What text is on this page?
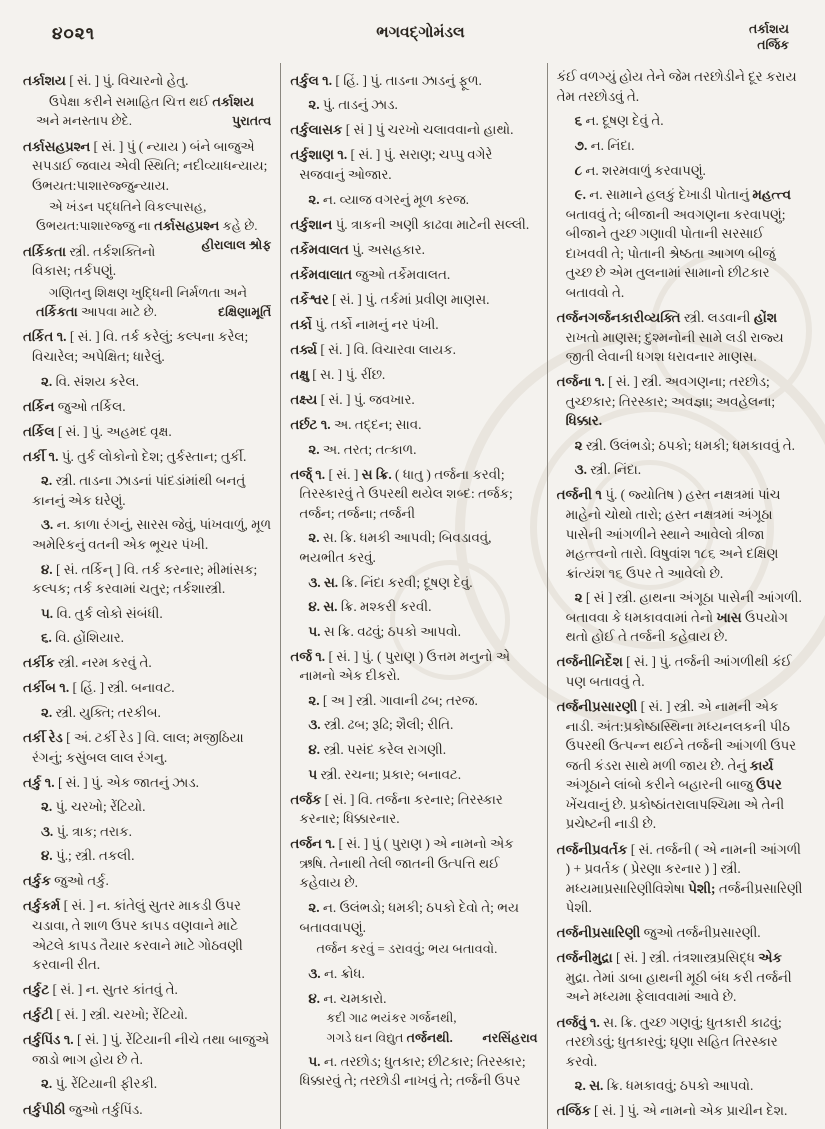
૪૦૨૧	ભગવદ્ગોમંડલ	તર્કાશય
તર્જિક
તર્કાશય [ સં. ] પું. વિચારનો હેતુ.
ઉપેક્ષા કરીને સમાહિત ચિત્ત થઈ તર્કાશય અને મનસ્તાપ છેદે.	પુરાતત્વ
તર્કાસહપ્રશ્ન [ સં. ] પું ( ન્યાય ) બંને બાજુએ સપડાઈ જવાય એવી સ્થિતિ; નદીવ્યાધન્યાય; ઉભયત:પાશારજ્જુન્યાય.
એ ખંડન પદ્ધતિને વિકલ્પાસહ, ઉભયત:પાશારજ્જુ ના તર્કાસહપ્રશ્ન કહે છે.
હીરાલાલ શ્રોફ
તર્કિકતા સ્ત્રી. તર્કશક્તિનો વિકાસ; તર્કપણું.
ગણિતનુ શિક્ષણ ખુદ્ધિની નિર્મળતા અને તર્કિકતા આપવા માટે છે.	દક્ષિણામૂર્તિ
તર્કિત ૧. [ સં. ] વિ. તર્ક કરેલું; કલ્પના કરેલ; વિચારેલ; અપેક્ષિત; ધારેલું.
૨. વિ. સંશય કરેલ.
તર્કિન જુઓ તર્કિલ.
તર્કિલ [ સં. ] પું. અહમદ વૃક્ષ.
તર્કી ૧. પું. તુર્ક લોકોનો દેશ; તુર્કસ્તાન; તુર્કી.
૨. સ્ત્રી. તાડના ઝાડનાં પાંદડાંમાંથી બનતું કાનનું એક ઘરેણું.
૩. ન. કાળા રંગનું, સારસ જેવું, પાંખવાળું, મૂળ અમેરિકનું વતની એક ભૂચર પંખી.
૪. [ સં. તર્કિન્ ] વિ. તર્ક કરનાર; મીમાંસક; કલ્પક; તર્ક કરવામાં ચતુર; તર્કશાસ્ત્રી.
૫. વિ. તુર્ક લોકો સંબંધી.
૬. વિ. હોંશિયાર.
તર્કીક સ્ત્રી. નરમ કરવું તે.
તર્કીબ ૧. [ હિં. ] સ્ત્રી. બનાવટ.
૨. સ્ત્રી. યુક્તિ; તરકીબ.
તર્કી રેડ [ અં. ટર્કી રેડ ] વિ. લાલ; મજીઠિયા રંગનું; કસુંબલ લાલ રંગનુ.
તર્કુ ૧. [ સં. ] પું. એક જાતનું ઝાડ.
૨. પું. ચરખો; રેંટિયો.
૩. પું. ત્રાક; તરાક.
૪. પું.; સ્ત્રી. તકલી.
તર્કુક જુઓ તર્કુ.
તર્કુકર્મ [ સં. ] ન. કાંતેલું સુતર માકડી ઉપર ચડાવા, તે શાળ ઉપર કાપડ વણવાને માટે એટલે કાપડ તૈયાર કરવાને માટે ગોઠવણી કરવાની રીત.
તર્કુટ [ સં. ] ન. સુતર કાંતવું તે.
તર્કુટી [ સં. ] સ્ત્રી. ચરખો; રેંટિયો.
તર્કુપિંડ ૧. [ સં. ] પું. રેંટિયાની નીચે તથા બાજુએ જાડો ભાગ હોય છે તે.
૨. પું. રેંટિયાની ફીરકી.
તર્કુપીઠી જુઓ તર્કુપિંડ.
તર્કુલ ૧. [ હિં. ] પું. તાડના ઝાડનું ફૂળ.
૨. પું. તાડનું ઝાડ.
તર્કુલાસક [ સં ] પું ચરખો ચલાવવાનો હાથો.
તર્કુશાણ ૧. [ સં. ] પું. સરાણ; ચપ્પુ વગેરે સજવાનું ઓજાર.
૨. ન. વ્યાજ વગરનું મૂળ કરજ.
તર્કુશાન પું. ત્રાકની અણી કાઢવા માટેની સલ્લી.
તર્કેમવાલત પું. અસહકાર.
તર્કેમવાલાત જુઓ તર્કેમવાલત.
તર્કેશ્વર [ સં. ] પું. તર્કમાં પ્રવીણ માણસ.
તર્કો પું. તર્કો નામનું નર પંખી.
તર્ક્ય [ સં. ] વિ. વિચારવા લાયક.
તક્ષુ [ સ. ] પું. રીંછ.
તક્ષ્ય [ સં. ] પું. જવખાર.
તર્છટ ૧. અ. તદ્દન; સાવ.
૨. અ. તરત; તત્કાળ.
તર્જ્ ૧. [ સં. ] સ ક્રિ. ( ધાતુ ) તર્જના કરવી; તિરસ્કારવું તે ઉપરથી થયેલ શબ્દ: તર્જક; તર્જન; તર્જના; તર્જની
૨. સ. ક્રિ. ધમકી આપવી; બિવડાવવું, ભયભીત કરવું.
૩. સ. ક્રિ. નિંદા કરવી; દૂષણ દેવું.
૪. સ. ક્રિ. મશ્કરી કરવી.
૫. સ ક્રિ. વઢવું; ઠપકો આપવો.
તર્જ ૧. [ સં. ] પું. ( પુરાણ ) ઉત્તમ મનુનો એ નામનો એક દીકરો.
૨. [ અ ] સ્ત્રી. ગાવાની ઢબ; તરજ.
૩. સ્ત્રી. ઢબ; રૂઢિ; શૈલી; રીતિ.
૪. સ્ત્રી. પસંદ કરેલ રાગણી.
૫ સ્ત્રી. રચના; પ્રકાર; બનાવટ.
તર્જક [ સં. ] વિ. તર્જના કરનાર; તિરસ્કાર કરનાર; ધિક્કારનાર.
તર્જન ૧. [ સં. ] પું ( પુરાણ ) એ નામનો એક ઋષિ. તેનાથી તેલી જાતની ઉત્પત્તિ થઈ કહેવાય છે.
૨. ન. ઉલંભડો; ધમકી; ઠપકો દેવો તે; ભય બતાવવાપણું.
તર્જન કરવું = ડરાવવું; ભય બતાવવો.
૩. ન. ક્રોધ.
૪. ન. ચમકારો.
કદી ગાઢ ભયંકર ગર્જનથી,
ગગડે ઘન વિદ્યુત તર્જનથી. નરસિંહરાવ
૫. ન. તરછોડ; ધુતકાર; છીટકાર; તિરસ્કાર; ધિક્કારવું તે; તરછોડી નાખવું તે; તર્જની ઉપર
કંઈ વળગ્યું હોય તેને જેમ તરછોડીને દૂર કરાય તેમ તરછોડવું તે.
૬ ન. દૂષણ દેવું તે.
૭. ન. નિંદા.
૮ ન. શરમવાળું કરવાપણું.
૯. ન. સામાને હલકું દેખાડી પોતાનું મહત્ત્વ બતાવવું તે; બીજાની અવગણના કરવાપણું; બીજાને તુચ્છ ગણાવી પોતાની સરસાઈ દાખવવી તે; પોતાની શ્રેષ્ઠતા આગળ બીજું તુચ્છ છે એમ તુલનામાં સામાનો છીટકાર બતાવવો તે.
તર્જનગર્જનકારીવ્યક્તિ સ્ત્રી. લડવાની હોંશ રાખતો માણસ; દુશ્મનોની સામે લડી રાજ્ય જીતી લેવાની ધગશ ધરાવનાર માણસ.
તર્જના ૧. [ સં. ] સ્ત્રી. અવગણના; તરછોડ; તુચ્છકાર; તિરસ્કાર; અવજ્ઞા; અવહેલના; ધિક્કાર.
૨ સ્ત્રી. ઉલંભડો; ઠપકો; ધમકી; ધમકાવવું તે.
૩. સ્ત્રી. નિંદા.
તર્જની ૧ પું. ( જ્યોતિષ ) હસ્ત નક્ષત્રમાં પાંચ માહેનો ચોથો તારો; હસ્ત નક્ષત્રમાં અંગૂઠા પાસેની આંગળીને સ્થાને આવેલો ત્રીજા મહત્ત્વનો તારો. વિષુવાંશ ૧૮૬ અને દક્ષિણ ક્રાંત્યંશ ૧૬ ઉપર તે આવેલો છે.
૨ [ સં ] સ્ત્રી. હાથના અંગૂઠા પાસેની આંગળી. બતાવવા કે ધમકાવવામાં તેનો ખાસ ઉપયોગ થતો હોઈ તે તર્જની કહેવાય છે.
તર્જનીનિર્દેશ [ સં. ] પું. તર્જની આંગળીથી કંઈ પણ બતાવવું તે.
તર્જનીપ્રસારણી [ સં. ] સ્ત્રી. એ નામની એક નાડી. અંત:પ્રકોષ્ઠાસ્થિના મધ્યનલકની પીઠ ઉપરથી ઉત્પન્ન થઈને તર્જની આંગળી ઉપર જતી કંડરા સાથે મળી જાય છે. તેનું કાર્ય અંગૂઠાને લાંબો કરીને બહારની બાજુ ઉપર ખેંચવાનું છે. પ્રકોષ્ઠાંતરાલાપશ્ચિમા એ તેની પ્રચેષ્ટની નાડી છે.
તર્જનીપ્રવર્તક [ સં. તર્જની ( એ નામની આંગળી ) + પ્રવર્તક ( પ્રેરણા કરનાર ) ] સ્ત્રી. મધ્યમાપ્રસારિણીવિશેષા પેશી; તર્જનીપ્રસારિણી પેશી.
તર્જનીપ્રસારિણી જુઓ તર્જનીપ્રસારણી.
તર્જનીમુદ્રા [ સં. ] સ્ત્રી. તંત્રશાસ્ત્રપ્રસિદ્ધ એક મુદ્રા. તેમાં ડાબા હાથની મૂઠી બંધ કરી તર્જની અને મધ્યમા ફેલાવવામાં આવે છે.
તર્જવું ૧. સ. ક્રિ. તુચ્છ ગણવું; ધુતકારી કાઢવું; તરછોડવું; ધુતકારવું; ઘૃણા સહિત તિરસ્કાર કરવો.
૨. સ. ક્રિ. ધમકાવવું; ઠપકો આપવો.
તર્જિક [ સં. ] પું. એ નામનો એક પ્રાચીન દેશ.
